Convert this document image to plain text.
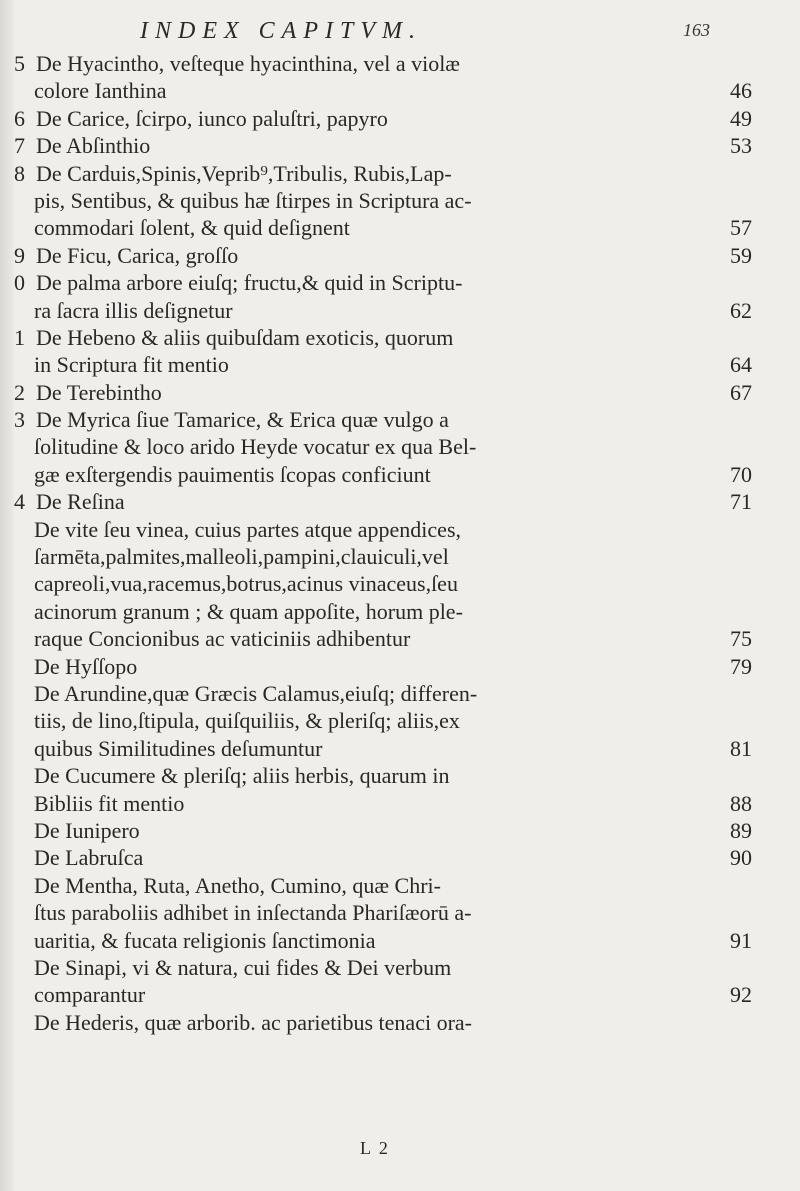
INDEX CAPITVM.	163
5 De Hyacintho, veſteque hyacinthina, vel a violæ
colore Ianthina	46
6 De Carice, ſcirpo, iunco paluſtri, papyro	49
7 De Abſinthio	53
8 De Carduis,Spinis,Veprib⁹,Tribulis, Rubis,Lap-
pis, Sentibus, & quibus hæ ſtirpes in Scriptura ac-
commodari ſolent, & quid deſignent	57
9 De Ficu, Carica, groſſo	59
0 De palma arbore eiuſq; fructu,& quid in Scriptu-
ra ſacra illis deſignetur	62
1 De Hebeno & aliis quibuſdam exoticis, quorum
in Scriptura fit mentio	64
2 De Terebintho	67
3 De Myrica ſiue Tamarice, & Erica quæ vulgo a
ſolitudine & loco arido Heyde vocatur ex qua Bel-
gæ exſtergendis pauimentis ſcopas conficiunt	70
4 De Reſina	71
De vite ſeu vinea, cuius partes atque appendices,
ſarmēta,palmites,malleoli,pampini,clauiculi,vel
capreoli,vua,racemus,botrus,acinus vinaceus,ſeu
acinorum granum ; & quam appoſite, horum ple-
raque Concionibus ac vaticiniis adhibentur	75
De Hyſſopo	79
De Arundine,quæ Græcis Calamus,eiuſq; differen-
tiis, de lino,ſtipula, quiſquiliis, & pleriſq; aliis,ex
quibus Similitudines deſumuntur	81
De Cucumere & pleriſq; aliis herbis, quarum in
Bibliis fit mentio	88
De Iunipero	89
De Labruſca	90
De Mentha, Ruta, Anetho, Cumino, quæ Chri-
ſtus paraboliis adhibet in inſectanda Phariſæorū a-
uaritia, & fucata religionis ſanctimonia	91
De Sinapi, vi & natura, cui fides & Dei verbum
comparantur	92
De Hederis, quæ arborib. ac parietibus tenaci ora-
L 2
